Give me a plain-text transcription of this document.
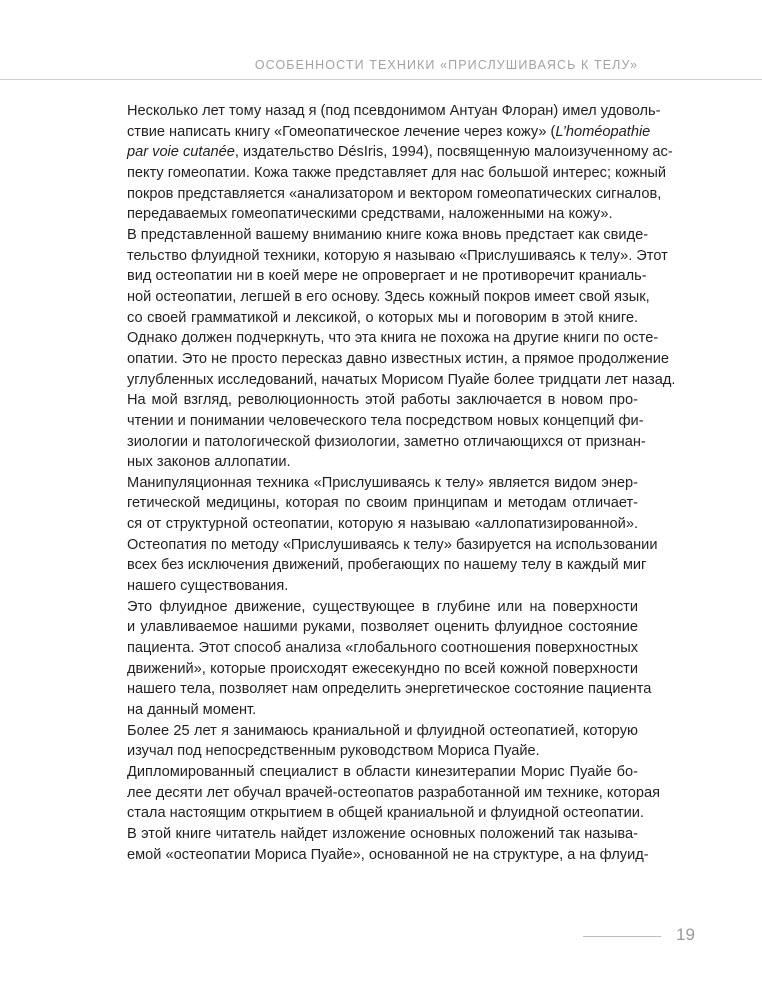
ОСОБЕННОСТИ ТЕХНИКИ «ПРИСЛУШИВАЯСЬ К ТЕЛУ»

Несколько лет тому назад я (под псевдонимом Антуан Флоран) имел удоволь-
ствие написать книгу «Гомеопатическое лечение через кожу» (L’homéopathie
par voie cutanée, издательство DésIris, 1994), посвященную малоизученному ас-
пекту гомеопатии. Кожа также представляет для нас большой интерес; кожный
покров представляется «анализатором и вектором гомеопатических сигналов,
передаваемых гомеопатическими средствами, наложенными на кожу».

В представленной вашему вниманию книге кожа вновь предстает как свиде-
тельство флуидной техники, которую я называю «Прислушиваясь к телу». Этот
вид остеопатии ни в коей мере не опровергает и не противоречит краниаль-
ной остеопатии, легшей в его основу. Здесь кожный покров имеет свой язык,
со своей грамматикой и лексикой, о которых мы и поговорим в этой книге.
Однако должен подчеркнуть, что эта книга не похожа на другие книги по осте-
опатии. Это не просто пересказ давно известных истин, а прямое продолжение
углубленных исследований, начатых Морисом Пуайе более тридцати лет назад.

На мой взгляд, революционность этой работы заключается в новом про-
чтении и понимании человеческого тела посредством новых концепций фи-
зиологии и патологической физиологии, заметно отличающихся от признан-
ных законов аллопатии.

Манипуляционная техника «Прислушиваясь к телу» является видом энер-
гетической медицины, которая по своим принципам и методам отличает-
ся от структурной остеопатии, которую я называю «аллопатизированной».
Остеопатия по методу «Прислушиваясь к телу» базируется на использовании
всех без исключения движений, пробегающих по нашему телу в каждый миг
нашего существования.

Это флуидное движение, существующее в глубине или на поверхности
и улавливаемое нашими руками, позволяет оценить флуидное состояние
пациента. Этот способ анализа «глобального соотношения поверхностных
движений», которые происходят ежесекундно по всей кожной поверхности
нашего тела, позволяет нам определить энергетическое состояние пациента
на данный момент.

Более 25 лет я занимаюсь краниальной и флуидной остеопатией, которую
изучал под непосредственным руководством Мориса Пуайе.

Дипломированный специалист в области кинезитерапии Морис Пуайе бо-
лее десяти лет обучал врачей-остеопатов разработанной им технике, которая
стала настоящим открытием в общей краниальной и флуидной остеопатии.
В этой книге читатель найдет изложение основных положений так называ-
емой «остеопатии Мориса Пуайе», основанной не на структуре, а на флуид-

19
